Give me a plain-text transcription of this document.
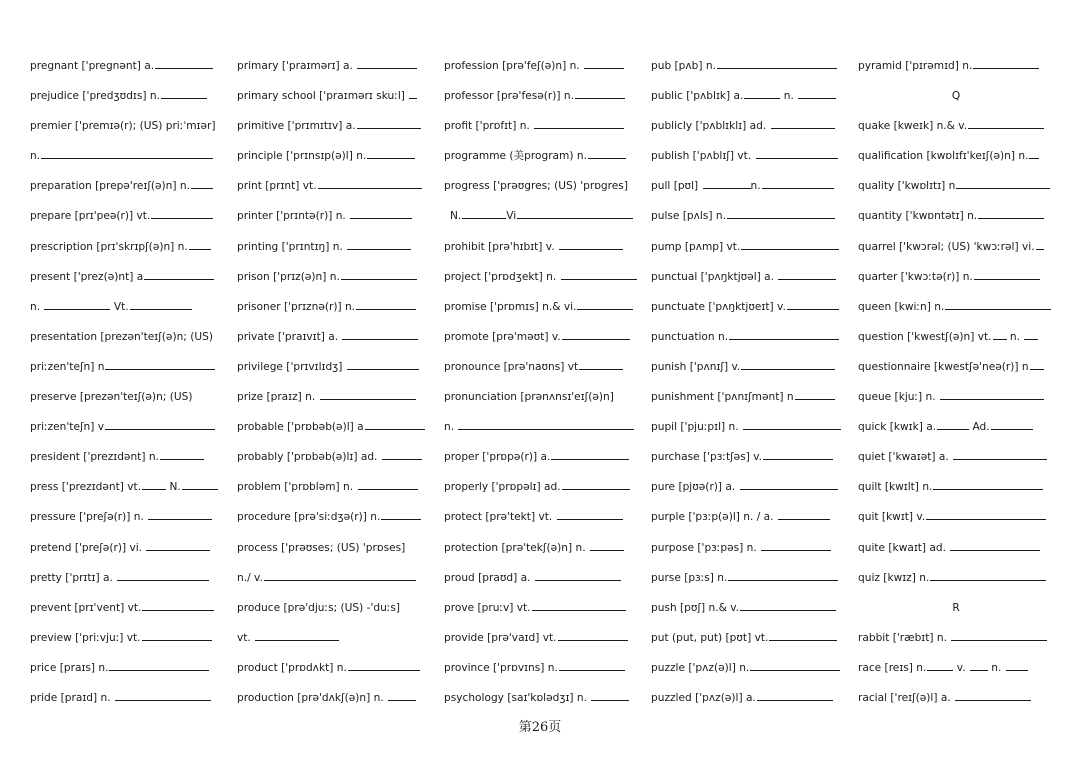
pregnant ['pregnənt] a.
prejudice ['predʒʊdɪs] n.
premier ['premɪə(r); (US) priːˈmɪər]
n.
preparation [prepə'reɪʃ(ə)n] n.
prepare [prɪ'peə(r)] vt.
prescription [prɪ'skrɪpʃ(ə)n] n.
present ['prez(ə)nt] a
n.	Vt.
presentation [prezən'teɪʃ(ə)n; (US)
priːzen'teʃn] n
preserve [prezən'teɪʃ(ə)n; (US)
priːzen'teʃn] v
president ['prezɪdənt] n.
press ['prezɪdənt] vt. N.
pressure ['preʃə(r)] n.
pretend ['preʃə(r)] vi.
pretty ['prɪtɪ] a.
prevent [prɪ'vent] vt.
preview ['priːvjuː] vt.
price [praɪs] n.
pride [praɪd] n.
primary ['praɪmərɪ] a.
primary school ['praɪmərɪ skuːl]
primitive ['prɪmɪtɪv] a.
principle ['prɪnsɪp(ə)l] n.
print [prɪnt] vt.
printer ['prɪntə(r)] n.
printing ['prɪntɪŋ] n.
prison ['prɪz(ə)n] n.
prisoner ['prɪznə(r)] n.
private ['praɪvɪt] a.
privilege ['prɪvɪlɪdʒ]
prize [praɪz] n.
probable ['prɒbəb(ə)l] a
probably ['prɒbəb(ə)lɪ] ad.
problem ['prɒbləm] n.
procedure [prə'siːdʒə(r)] n.
process ['prəʊses; (US) 'prɒses]
n./ v.
produce [prə'djuːs; (US) -'duːs]
vt.
product ['prɒdʌkt] n.
production [prə'dʌkʃ(ə)n] n.
profession [prə'feʃ(ə)n] n.
professor [prə'fesə(r)] n.
profit ['prɒfɪt] n.
programme (美program) n.
progress ['prəʊgres; (US) 'prɒgres]
N.	Vi
prohibit [prə'hɪbɪt] v.
project ['prɒdʒekt] n.
promise ['prɒmɪs] n.& vi.
promote [prə'məʊt] v.
pronounce [prə'naʊns] vt
pronunciation [prənʌnsɪ'eɪʃ(ə)n]
n.
proper ['prɒpə(r)] a.
properly ['prɒpəlɪ] ad.
protect [prə'tekt] vt.
protection [prə'tekʃ(ə)n] n.
proud [praʊd] a.
prove [pruːv] vt.
provide [prə'vaɪd] vt.
province ['prɒvɪns] n.
psychology [saɪ'kɒlədʒɪ] n.
pub [pʌb] n.
public ['pʌblɪk] a.	n.
publicly ['pʌblɪklɪ] ad.
publish ['pʌblɪʃ] vt.
pull [pʊl]	n.
pulse [pʌls] n.
pump [pʌmp] vt.
punctual ['pʌŋktjʊəl] a.
punctuate ['pʌŋktjʊeɪt] v.
punctuation n.
punish ['pʌnɪʃ] v.
punishment ['pʌnɪʃmənt] n
pupil ['pjuːpɪl] n.
purchase ['pɜːtʃəs] v.
pure [pjʊə(r)] a.
purple ['pɜːp(ə)l] n. / a.
purpose ['pɜːpəs] n.
purse [pɜːs] n.
push [pʊʃ] n.& v.
put (put, put) [pʊt] vt.
puzzle ['pʌz(ə)l] n.
puzzled ['pʌz(ə)l] a.
pyramid ['pɪrəmɪd] n.
Q
quake [kweɪk] n.& v.
qualification [kwɒlɪfɪ'keɪʃ(ə)n] n.
quality ['kwɒlɪtɪ] n
quantity ['kwɒntətɪ] n.
quarrel ['kwɔrəl; (US) 'kwɔːrəl] vi.
quarter ['kwɔːtə(r)] n.
queen [kwiːn] n.
question ['kwestʃ(ə)n] vt. n.
questionnaire [kwestʃə'neə(r)] n
queue [kjuː] n.
quick [kwɪk] a.	Ad.
quiet ['kwaɪət] a.
quilt [kwɪlt] n.
quit [kwɪt] v.
quite [kwaɪt] ad.
quiz [kwɪz] n.
R
rabbit ['ræbɪt] n.
race [reɪs] n.	v.  n.
racial ['reɪʃ(ə)l] a.
第26页
